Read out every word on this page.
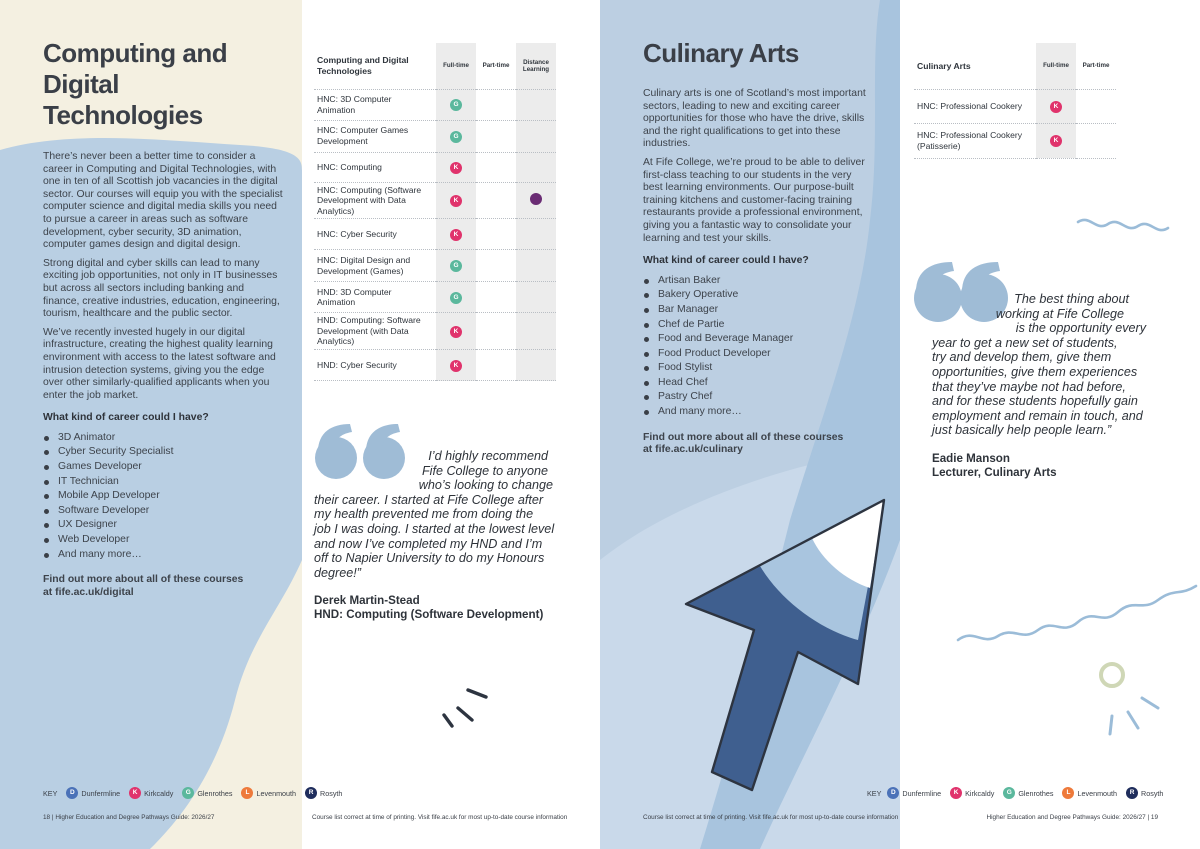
Computing and Digital Technologies

There’s never been a better time to consider a career in Computing and Digital Technologies, with one in ten of all Scottish job vacancies in the digital sector. Our courses will equip you with the specialist computer science and digital media skills you need to pursue a career in areas such as software development, cyber security, 3D animation, computer games design and digital design.

Strong digital and cyber skills can lead to many exciting job opportunities, not only in IT businesses but across all sectors including banking and finance, creative industries, education, engineering, tourism, healthcare and the public sector.

We’ve recently invested hugely in our digital infrastructure, creating the highest quality learning environment with access to the latest software and intrusion detection systems, giving you the edge over other similarly-qualified applicants when you enter the job market.

What kind of career could I have?
3D Animator
Cyber Security Specialist
Games Developer
IT Technician
Mobile App Developer
Software Developer
UX Designer
Web Developer
And many more…
Find out more about all of these courses
at fife.ac.uk/digital
Computing and Digital Technologies	Full-time	Part-time	Distance Learning
HNC: 3D Computer Animation	G		
HNC: Computer Games Development	G		
HNC: Computing	K		
HNC: Computing (Software Development with Data Analytics)	K		
HNC: Cyber Security	K		
HNC: Digital Design and Development (Games)	G		
HND: 3D Computer Animation	G		
HND: Computing: Software Development (with Data Analytics)	K		
HND: Cyber Security	K		
I’d highly recommend
Fife College to anyone
who’s looking to change
their career. I started at Fife College after
my health prevented me from doing the
job I was doing. I started at the lowest level
and now I’ve completed my HND and I’m
off to Napier University to do my Honours
degree!”
Derek Martin-Stead
HND: Computing (Software Development)
KEY	D Dunfermline	K Kirkcaldy	G Glenrothes	L Levenmouth	R Rosyth
18 | Higher Education and Degree Pathways Guide: 2026/27	Course list correct at time of printing. Visit fife.ac.uk for most up-to-date course information
Culinary Arts

Culinary arts is one of Scotland’s most important sectors, leading to new and exciting career opportunities for those who have the drive, skills and the right qualifications to get into these industries.

At Fife College, we’re proud to be able to deliver first-class teaching to our students in the very best learning environments. Our purpose-built training kitchens and customer-facing training restaurants provide a professional environment, giving you a fantastic way to consolidate your learning and test your skills.

What kind of career could I have?
Artisan Baker
Bakery Operative
Bar Manager
Chef de Partie
Food and Beverage Manager
Food Product Developer
Food Stylist
Head Chef
Pastry Chef
And many more…
Find out more about all of these courses
at fife.ac.uk/culinary
Culinary Arts	Full-time	Part-time
HNC: Professional Cookery	K	
HNC: Professional Cookery (Patisserie)	K	
The best thing about
working at Fife College
is the opportunity every
year to get a new set of students,
try and develop them, give them
opportunities, give them experiences
that they’ve maybe not had before,
and for these students hopefully gain
employment and remain in touch, and
just basically help people learn.”
Eadie Manson
Lecturer, Culinary Arts
KEY	D Dunfermline	K Kirkcaldy	G Glenrothes	L Levenmouth	R Rosyth
Course list correct at time of printing. Visit fife.ac.uk for most up-to-date course information	Higher Education and Degree Pathways Guide: 2026/27 | 19
